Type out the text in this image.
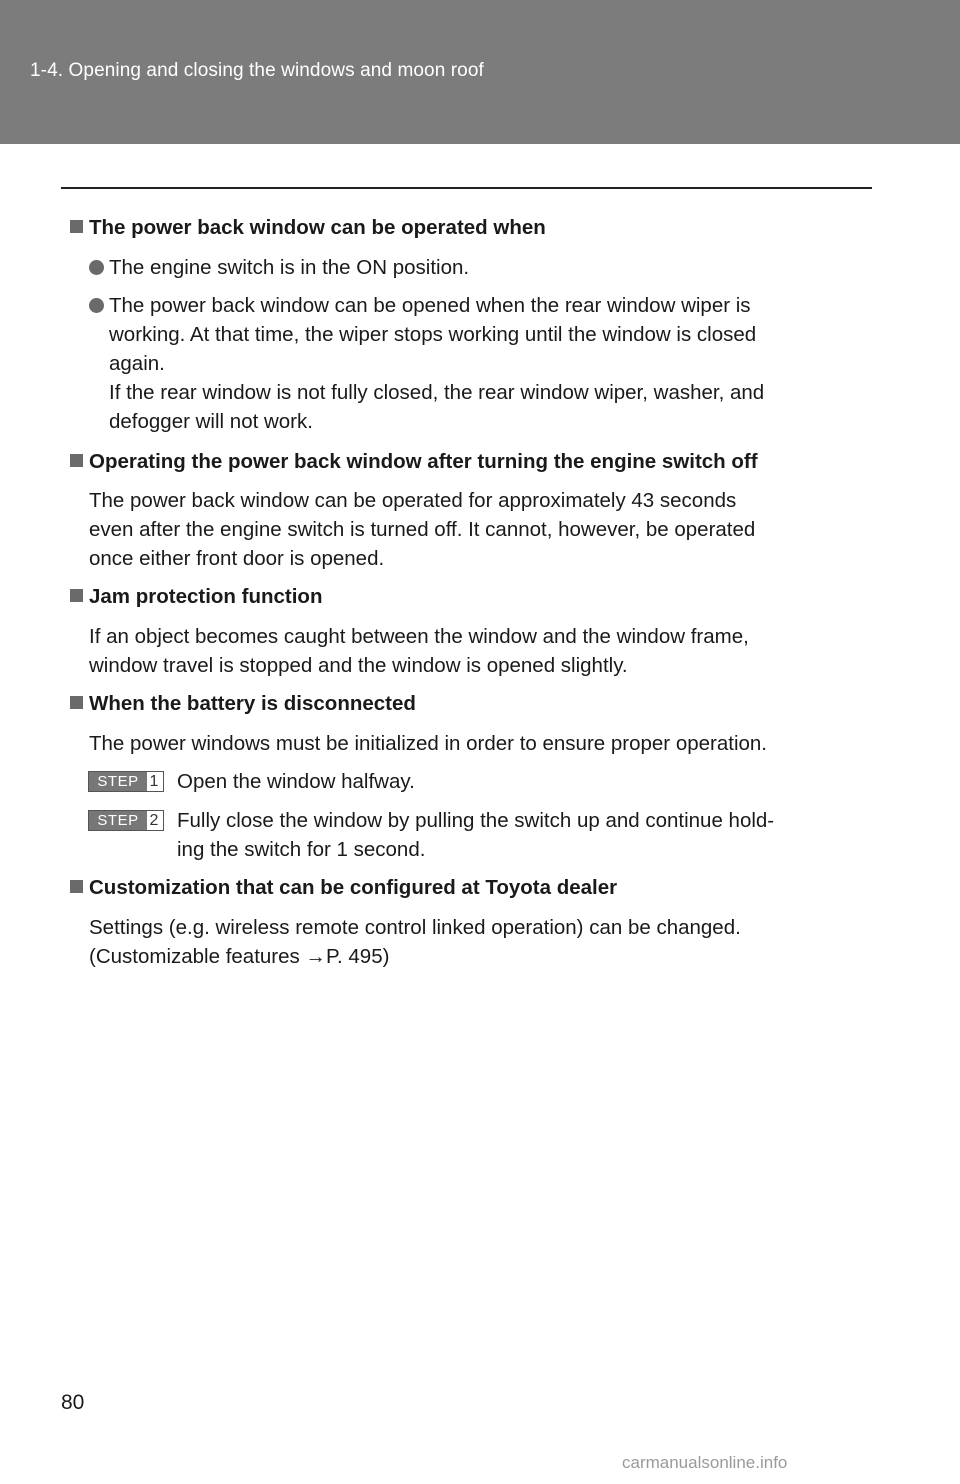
1-4. Opening and closing the windows and moon roof
The power back window can be operated when
The engine switch is in the ON position.
The power back window can be opened when the rear window wiper is
working. At that time, the wiper stops working until the window is closed
again.
If the rear window is not fully closed, the rear window wiper, washer, and
defogger will not work.
Operating the power back window after turning the engine switch off
The power back window can be operated for approximately 43 seconds
even after the engine switch is turned off. It cannot, however, be operated
once either front door is opened.
Jam protection function
If an object becomes caught between the window and the window frame,
window travel is stopped and the window is opened slightly.
When the battery is disconnected
The power windows must be initialized in order to ensure proper operation.
STEP 1 Open the window halfway.
STEP 2 Fully close the window by pulling the switch up and continue hold-
ing the switch for 1 second.
Customization that can be configured at Toyota dealer
Settings (e.g. wireless remote control linked operation) can be changed.
(Customizable features →P. 495)
80
carmanualsonline.info
